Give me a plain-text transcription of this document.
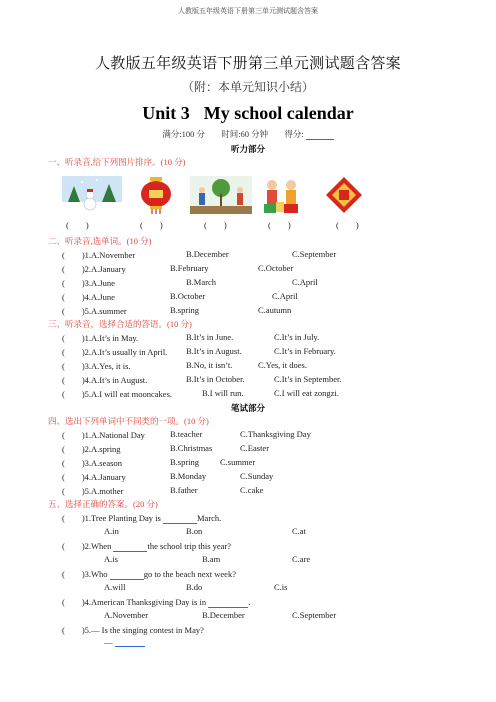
人教版五年级英语下册第三单元测试题含答案
人教版五年级英语下册第三单元测试题含答案
（附：本单元知识小结）
Unit 3 My school calendar
满分:100 分 时间:60 分钟 得分:
听力部分
一、听录音,给下列图片排序。(10 分)
(　　)	(　　)	(　　)	(　　)	(　　)
二、听录音,选单词。(10 分)
(　　)1.A.November	B.December	C.September
(　　)2.A.January	B.February	C.October
(　　)3.A.June	B.March	C.April
(　　)4.A.June	B.October	C.April
(　　)5.A.summer	B.spring	C.autumn
三、听录音，选择合适的答语。(10 分)
(　　)1.A.It’s in May.	B.It’s in June.	C.It’s in July.
(　　)2.A.It’s usually in April. B.It’s in August.	C.It’s in February.
(　　)3.A.Yes, it is.	B.No, it isn’t.	C.Yes, it does.
(　　)4.A.It’s in August.	B.It’s in October.	C.It’s in September.
(　　)5.A.I will eat mooncakes.	B.I will run.	C.I will eat zongzi.
笔试部分
四、选出下列单词中不同类的一项。(10 分)
(　　)1.A.National Day	B.teacher	C.Thanksgiving Day
(　　)2.A.spring	B.Christmas	C.Easter
(　　)3.A.season	B.spring C.summer
(　　)4.A.January	B.Monday	C.Sunday
(　　)5.A.mother	B.father	C.cake
五、选择正确的答案。(20 分)
(　　)1.Tree Planting Day is	March.
A.in	B.on	C.at
(　　)2.When	the school trip this year?
A.is	B.am	C.are
(　　)3.Who	go to the beach next week?
A.will	B.do	C.is
(　　)4.American Thanksgiving Day is in	.
A.November	B.December	C.September
(　　)5.— Is the singing contest in May?
—
